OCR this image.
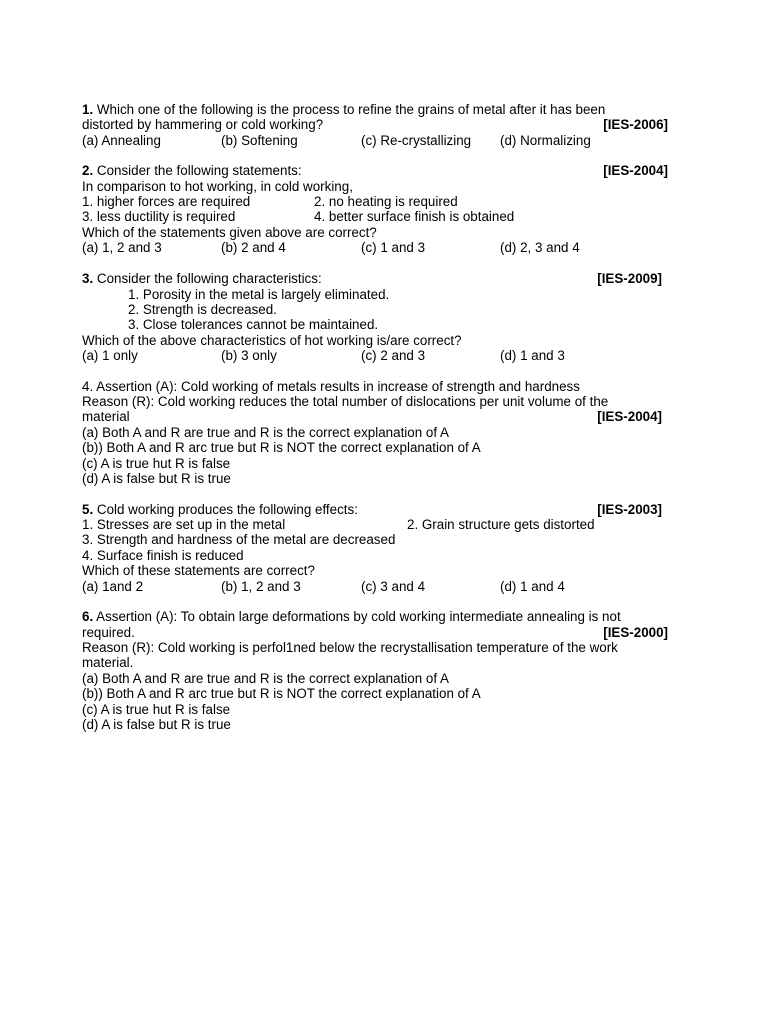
1. Which one of the following is the process to refine the grains of metal after it has been
distorted by hammering or cold working?	[IES-2006]
(a) Annealing	(b) Softening	(c) Re-crystallizing (d) Normalizing
2. Consider the following statements:	[IES-2004]
In comparison to hot working, in cold working,
1. higher forces are required	2. no heating is required
3. less ductility is required	4. better surface finish is obtained
Which of the statements given above are correct?
(a) 1, 2 and 3	(b) 2 and 4	(c) 1 and 3	(d) 2, 3 and 4
3. Consider the following characteristics:	[IES-2009]
1. Porosity in the metal is largely eliminated.
2. Strength is decreased.
3. Close tolerances cannot be maintained.
Which of the above characteristics of hot working is/are correct?
(a) 1 only	(b) 3 only	(c) 2 and 3	(d) 1 and 3
4. Assertion (A): Cold working of metals results in increase of strength and hardness
Reason (R): Cold working reduces the total number of dislocations per unit volume of the
material	[IES-2004]
(a) Both A and R are true and R is the correct explanation of A
(b)) Both A and R arc true but R is NOT the correct explanation of A
(c) A is true hut R is false
(d) A is false but R is true
5. Cold working produces the following effects:	[IES-2003]
1. Stresses are set up in the metal	2. Grain structure gets distorted
3. Strength and hardness of the metal are decreased
4. Surface finish is reduced
Which of these statements are correct?
(a) 1and 2	(b) 1, 2 and 3	(c) 3 and 4	(d) 1 and 4
6. Assertion (A): To obtain large deformations by cold working intermediate annealing is not
required.	[IES-2000]
Reason (R): Cold working is perfol1ned below the recrystallisation temperature of the work
material.
(a) Both A and R are true and R is the correct explanation of A
(b)) Both A and R arc true but R is NOT the correct explanation of A
(c) A is true hut R is false
(d) A is false but R is true
